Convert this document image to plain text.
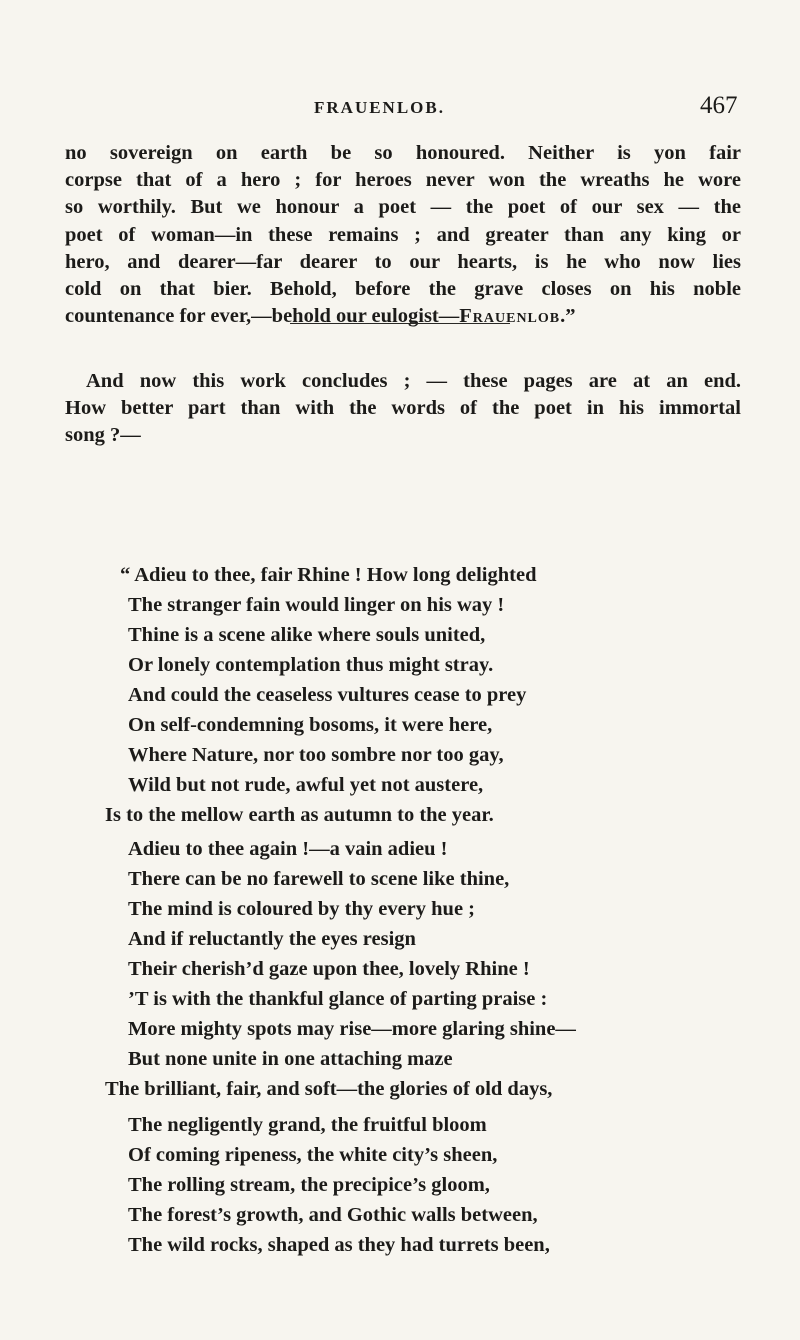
FRAUENLOB.	467
no sovereign on earth be so honoured. Neither is yon fair
corpse that of a hero ; for heroes never won the wreaths he wore
so worthily. But we honour a poet — the poet of our sex — the
poet of woman—in these remains ; and greater than any king or
hero, and dearer—far dearer to our hearts, is he who now lies
cold on that bier. Behold, before the grave closes on his noble
countenance for ever,—behold our eulogist—Frauenlob.”
And now this work concludes ; — these pages are at an end.
How better part than with the words of the poet in his immortal
song ?—
“ Adieu to thee, fair Rhine ! How long delighted
The stranger fain would linger on his way !
Thine is a scene alike where souls united,
Or lonely contemplation thus might stray.
And could the ceaseless vultures cease to prey
On self-condemning bosoms, it were here,
Where Nature, nor too sombre nor too gay,
Wild but not rude, awful yet not austere,
Is to the mellow earth as autumn to the year.
Adieu to thee again !—a vain adieu !
There can be no farewell to scene like thine,
The mind is coloured by thy every hue ;
And if reluctantly the eyes resign
Their cherish’d gaze upon thee, lovely Rhine !
’T is with the thankful glance of parting praise :
More mighty spots may rise—more glaring shine—
But none unite in one attaching maze
The brilliant, fair, and soft—the glories of old days,
The negligently grand, the fruitful bloom
Of coming ripeness, the white city’s sheen,
The rolling stream, the precipice’s gloom,
The forest’s growth, and Gothic walls between,
The wild rocks, shaped as they had turrets been,
